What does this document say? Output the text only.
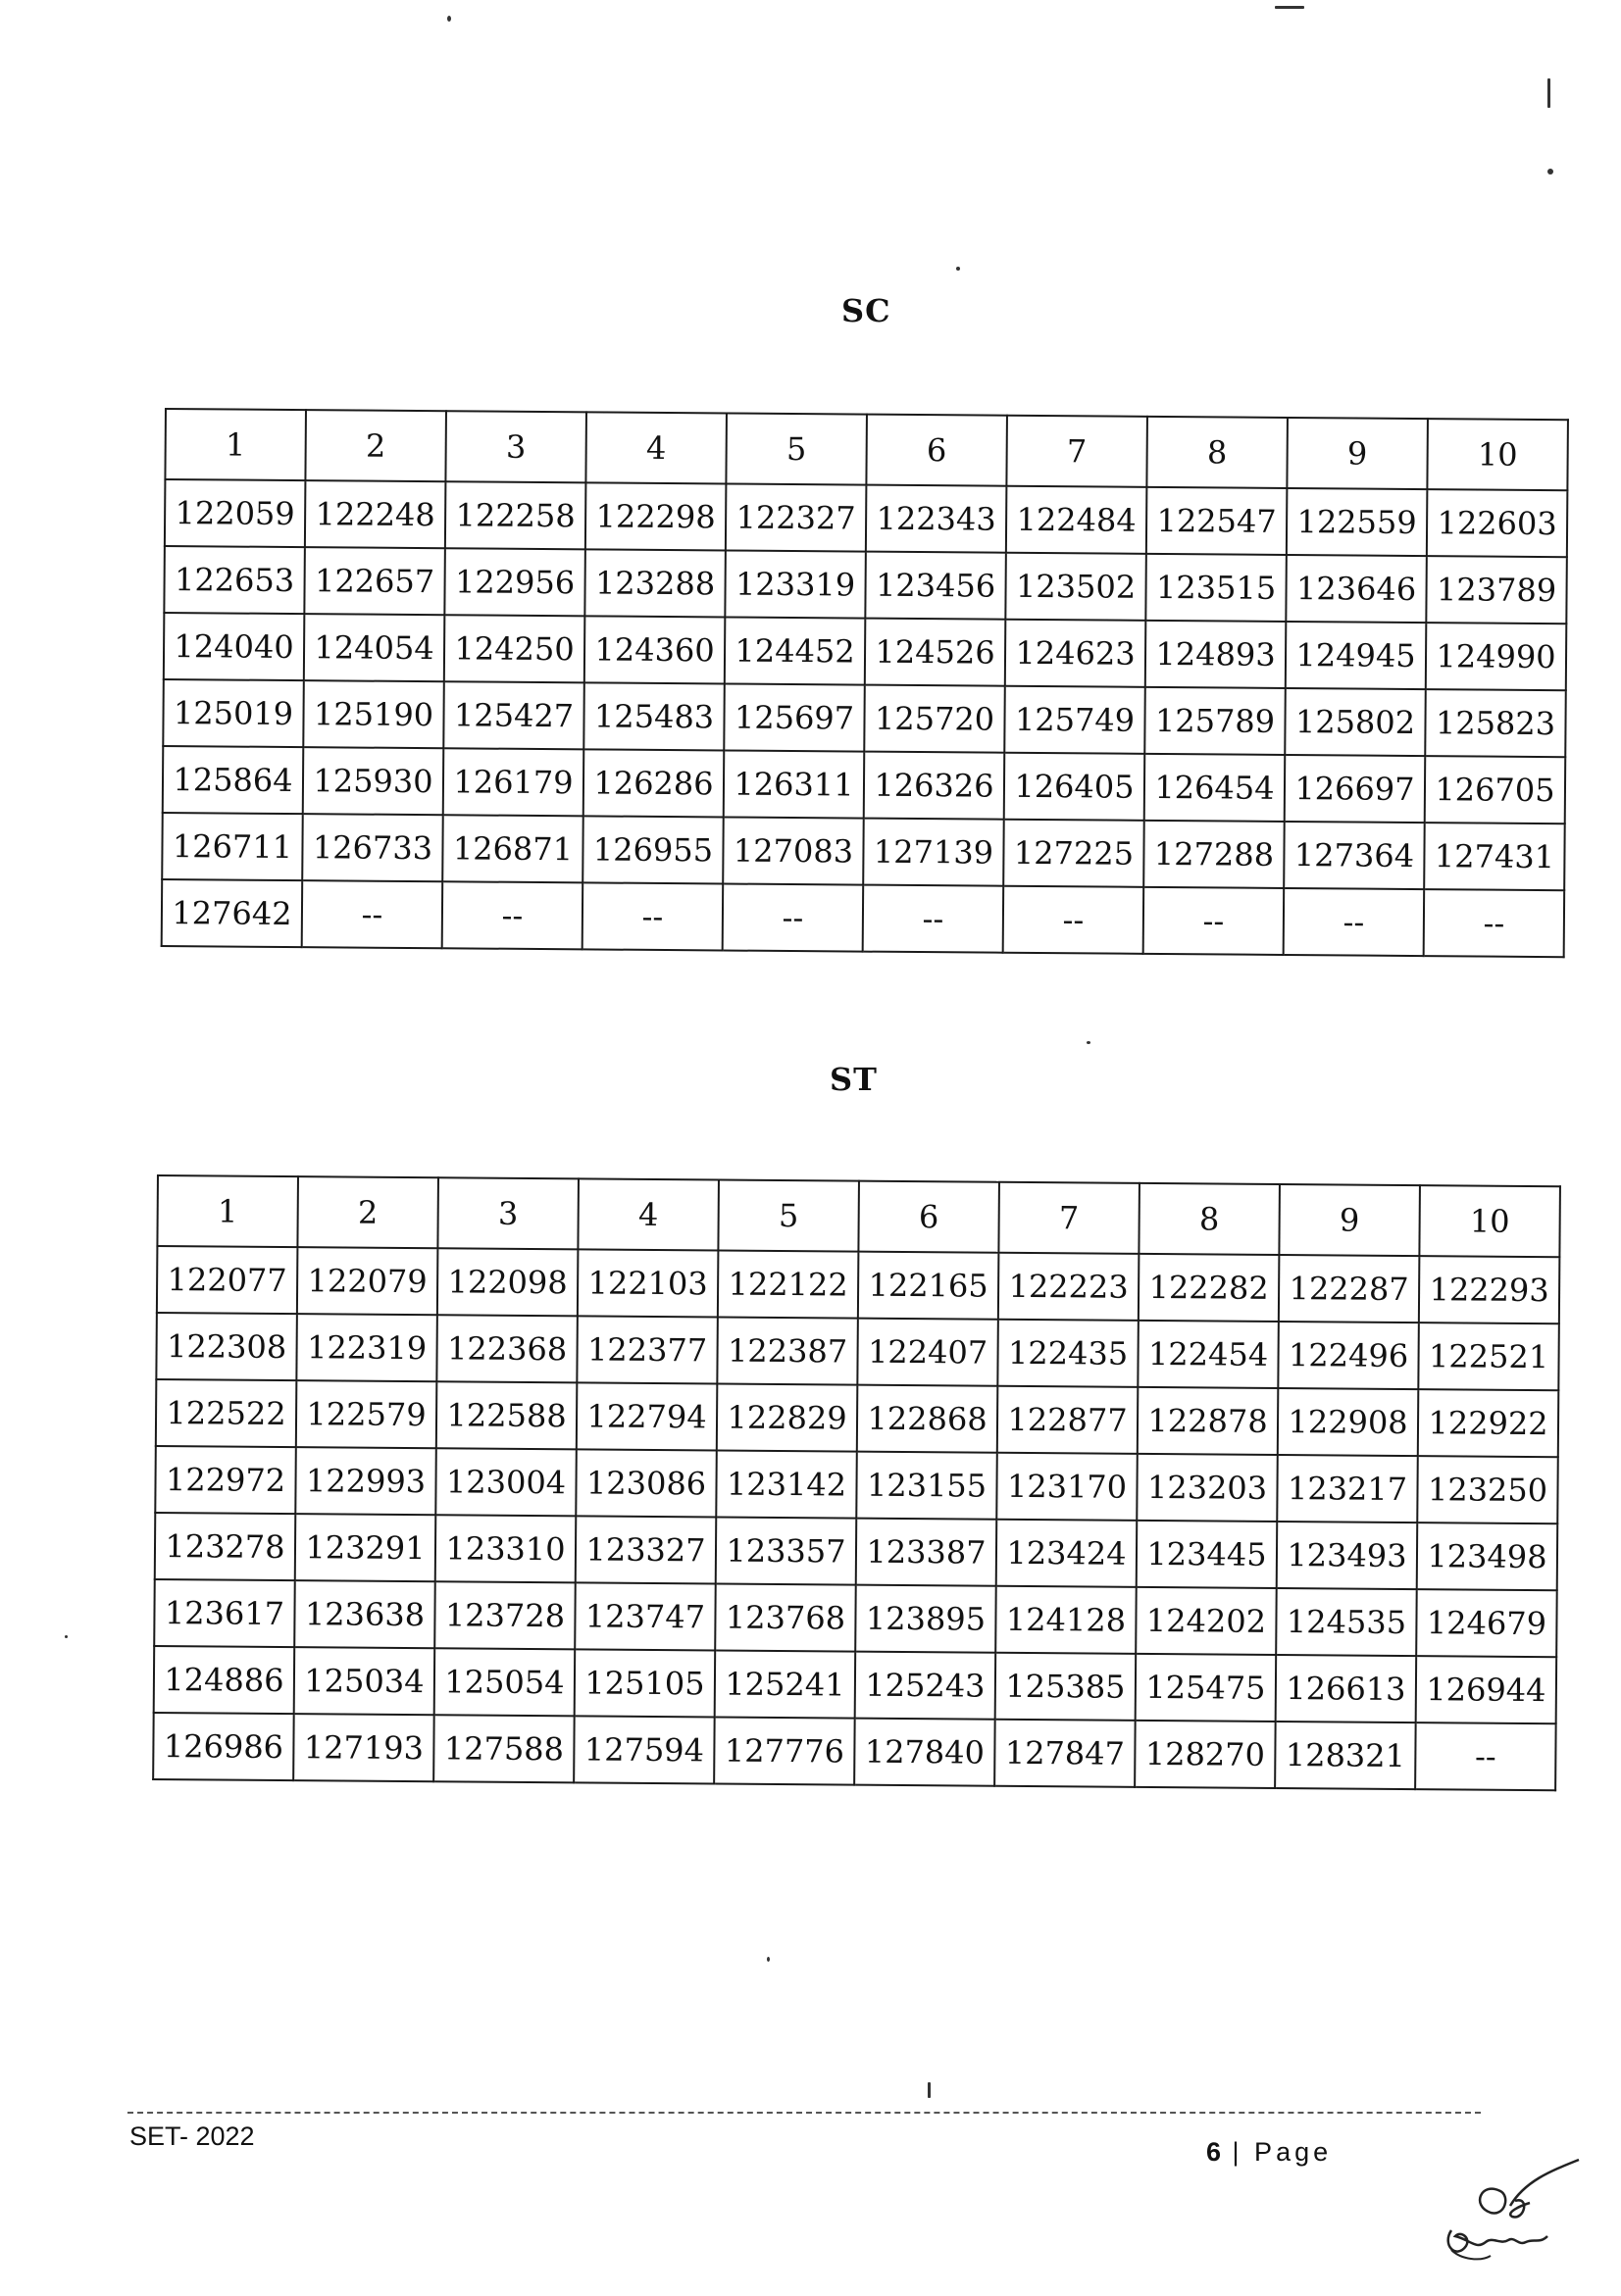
SC
1	2	3	4	5	6	7	8	9	10
122059	122248	122258	122298	122327	122343	122484	122547	122559	122603
122653	122657	122956	123288	123319	123456	123502	123515	123646	123789
124040	124054	124250	124360	124452	124526	124623	124893	124945	124990
125019	125190	125427	125483	125697	125720	125749	125789	125802	125823
125864	125930	126179	126286	126311	126326	126405	126454	126697	126705
126711	126733	126871	126955	127083	127139	127225	127288	127364	127431
127642	--	--	--	--	--	--	--	--	--
ST
1	2	3	4	5	6	7	8	9	10
122077	122079	122098	122103	122122	122165	122223	122282	122287	122293
122308	122319	122368	122377	122387	122407	122435	122454	122496	122521
122522	122579	122588	122794	122829	122868	122877	122878	122908	122922
122972	122993	123004	123086	123142	123155	123170	123203	123217	123250
123278	123291	123310	123327	123357	123387	123424	123445	123493	123498
123617	123638	123728	123747	123768	123895	124128	124202	124535	124679
124886	125034	125054	125105	125241	125243	125385	125475	126613	126944
126986	127193	127588	127594	127776	127840	127847	128270	128321	--
SET- 2022
6 | Page
